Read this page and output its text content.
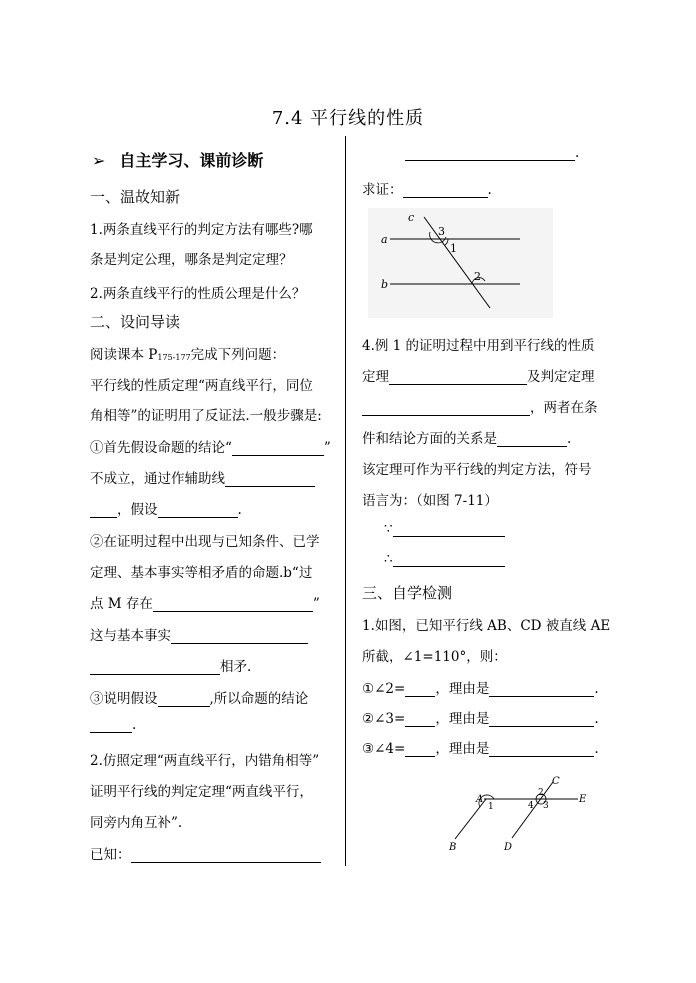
7.4 平行线的性质
➢ 自主学习、课前诊断
一、温故知新
1.两条直线平行的判定方法有哪些?哪
条是判定公理，哪条是判定定理？
2.两条直线平行的性质公理是什么？
二、设问导读
阅读课本 P175-177完成下列问题：
平行线的性质定理“两直线平行，同位
角相等”的证明用了反证法.一般步骤是:
①首先假设命题的结论“	”
不成立，通过作辅助线
，假设	.
②在证明过程中出现与已知条件、已学
定理、基本事实等相矛盾的命题.b“过
点 M 存在	”
这与基本事实
相矛.
③说明假设	,所以命题的结论
.
2.仿照定理“两直线平行，内错角相等”
证明平行线的判定定理“两直线平行，
同旁内角互补”.
已知：
.
求证：	.
c
3
1
2
a
b
4.例 1 的证明过程中用到平行线的性质
定理	及判定定理
，两者在条
件和结论方面的关系是	.
该定理可作为平行线的判定方法，符号
语言为：（如图 7-11）
∵
∴
三、自学检测
1.如图，已知平行线 AB、CD 被直线 AE
所截，∠1=110°，则：
①∠2= ，理由是	.
②∠3= ，理由是	.
③∠4= ，理由是	.
A
1
C
2
4 3
E
B	D
